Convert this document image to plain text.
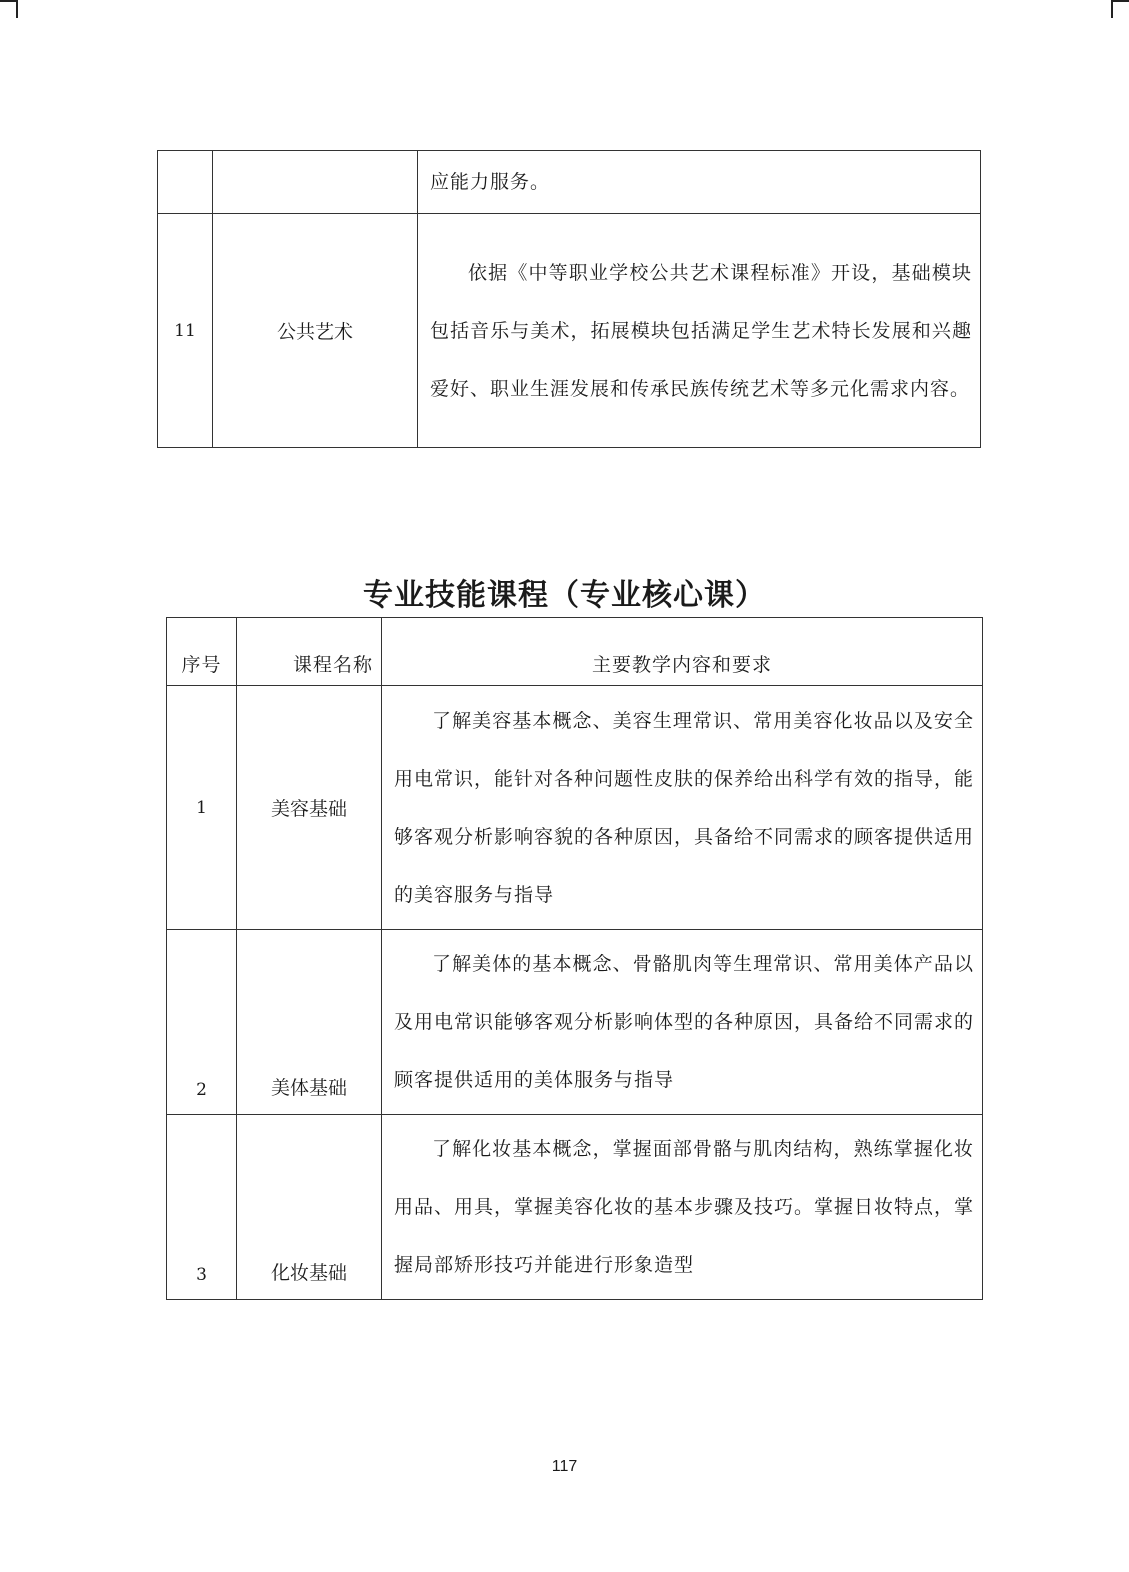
		应能力服务。
11	公共艺术	依据《中等职业学校公共艺术课程标准》开设，基础模块包括音乐与美术，拓展模块包括满足学生艺术特长发展和兴趣爱好、职业生涯发展和传承民族传统艺术等多元化需求内容。
专业技能课程（专业核心课）
序号	课程名称	主要教学内容和要求
1	美容基础	了解美容基本概念、美容生理常识、常用美容化妆品以及安全用电常识，能针对各种问题性皮肤的保养给出科学有效的指导，能够客观分析影响容貌的各种原因，具备给不同需求的顾客提供适用的美容服务与指导
2	美体基础	了解美体的基本概念、骨骼肌肉等生理常识、常用美体产品以及用电常识能够客观分析影响体型的各种原因，具备给不同需求的顾客提供适用的美体服务与指导
3	化妆基础	了解化妆基本概念，掌握面部骨骼与肌肉结构，熟练掌握化妆用品、用具，掌握美容化妆的基本步骤及技巧。掌握日妆特点，掌握局部矫形技巧并能进行形象造型
117
